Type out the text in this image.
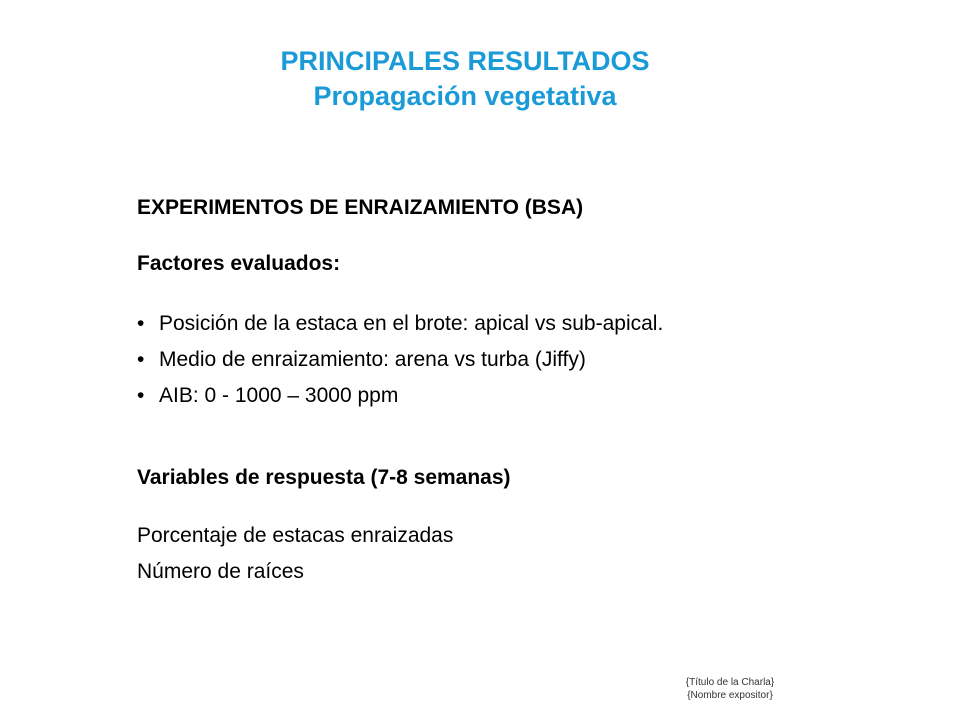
PRINCIPALES RESULTADOS
Propagación vegetativa

EXPERIMENTOS DE ENRAIZAMIENTO (BSA)

Factores evaluados:

• Posición de la estaca en el brote: apical vs sub-apical.
• Medio de enraizamiento: arena vs turba (Jiffy)
• AIB: 0 - 1000 – 3000 ppm

Variables de respuesta (7-8 semanas)

Porcentaje de estacas enraizadas
Número de raíces
{Título de la Charla}
{Nombre expositor}
